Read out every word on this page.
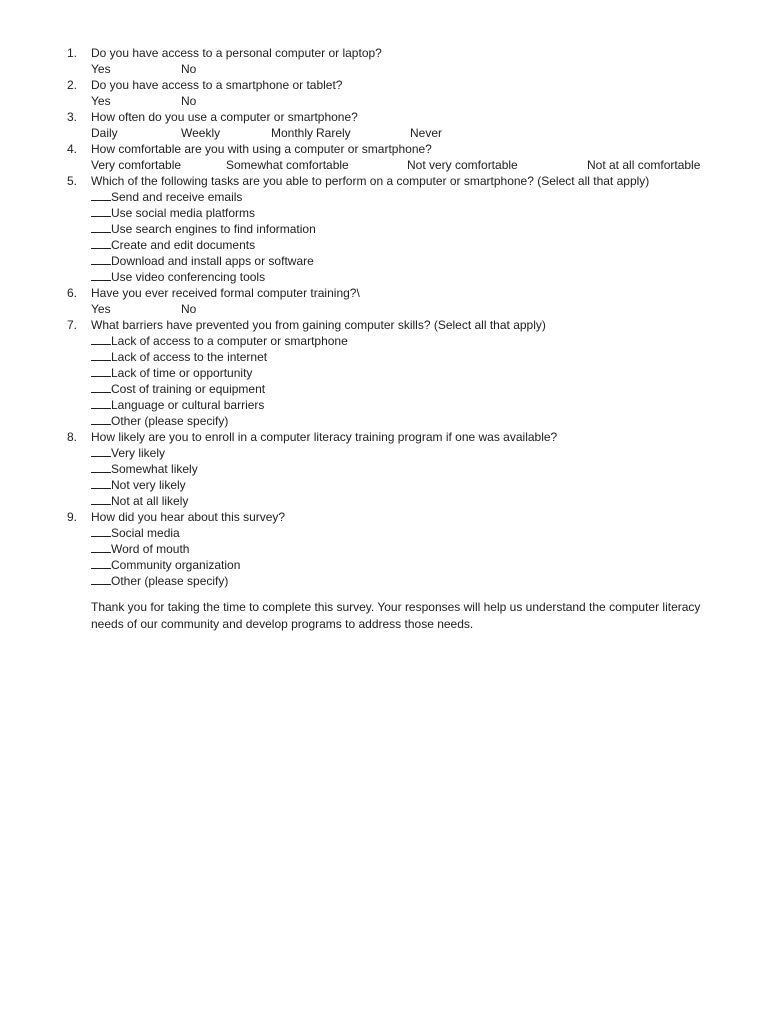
1. Do you have access to a personal computer or laptop?
Yes	No
2. Do you have access to a smartphone or tablet?
Yes	No
3. How often do you use a computer or smartphone?
Daily	Weekly	Monthly Rarely	Never
4. How comfortable are you with using a computer or smartphone?
Very comfortable	Somewhat comfortable	Not very comfortable	Not at all comfortable
5. Which of the following tasks are you able to perform on a computer or smartphone? (Select all that apply)
Send and receive emails
Use social media platforms
Use search engines to find information
Create and edit documents
Download and install apps or software
Use video conferencing tools
6. Have you ever received formal computer training?\
Yes	No
7. What barriers have prevented you from gaining computer skills? (Select all that apply)
Lack of access to a computer or smartphone
Lack of access to the internet
Lack of time or opportunity
Cost of training or equipment
Language or cultural barriers
Other (please specify)
8. How likely are you to enroll in a computer literacy training program if one was available?
Very likely
Somewhat likely
Not very likely
Not at all likely
9. How did you hear about this survey?
Social media
Word of mouth
Community organization
Other (please specify)

Thank you for taking the time to complete this survey. Your responses will help us understand the computer literacy needs of our community and develop programs to address those needs.
